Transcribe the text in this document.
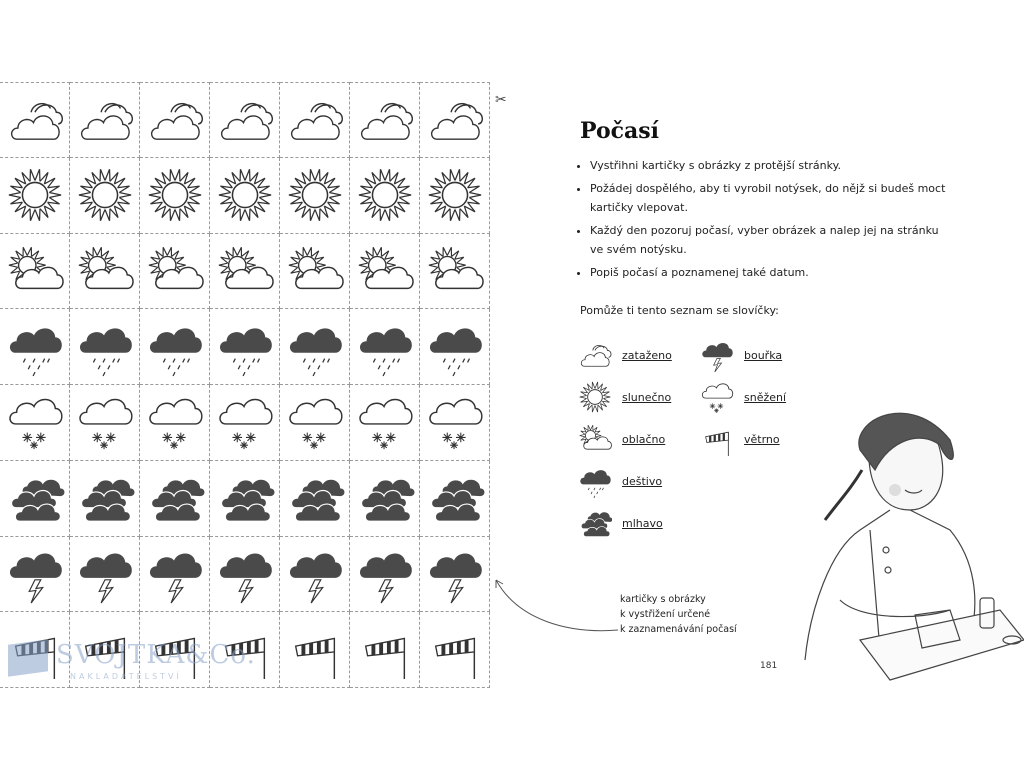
✂
SVOJTKA&Co.
NAKLADATELSTVÍ
Počasí
• Vystřihni kartičky s obrázky z protější stránky.
• Požádej dospělého, aby ti vyrobil notýsek, do nějž si budeš moct kartičky vlepovat.
• Každý den pozoruj počasí, vyber obrázek a nalep jej na stránku ve svém notýsku.
• Popiš počasí a poznamenej také datum.

Pomůže ti tento seznam se slovíčky:

zataženo
slunečno
oblačno
deštivo
mlhavo
bouřka
sněžení
větrno

kartičky s obrázky
k vystřižení určené
k zaznamenávání počasí

181
